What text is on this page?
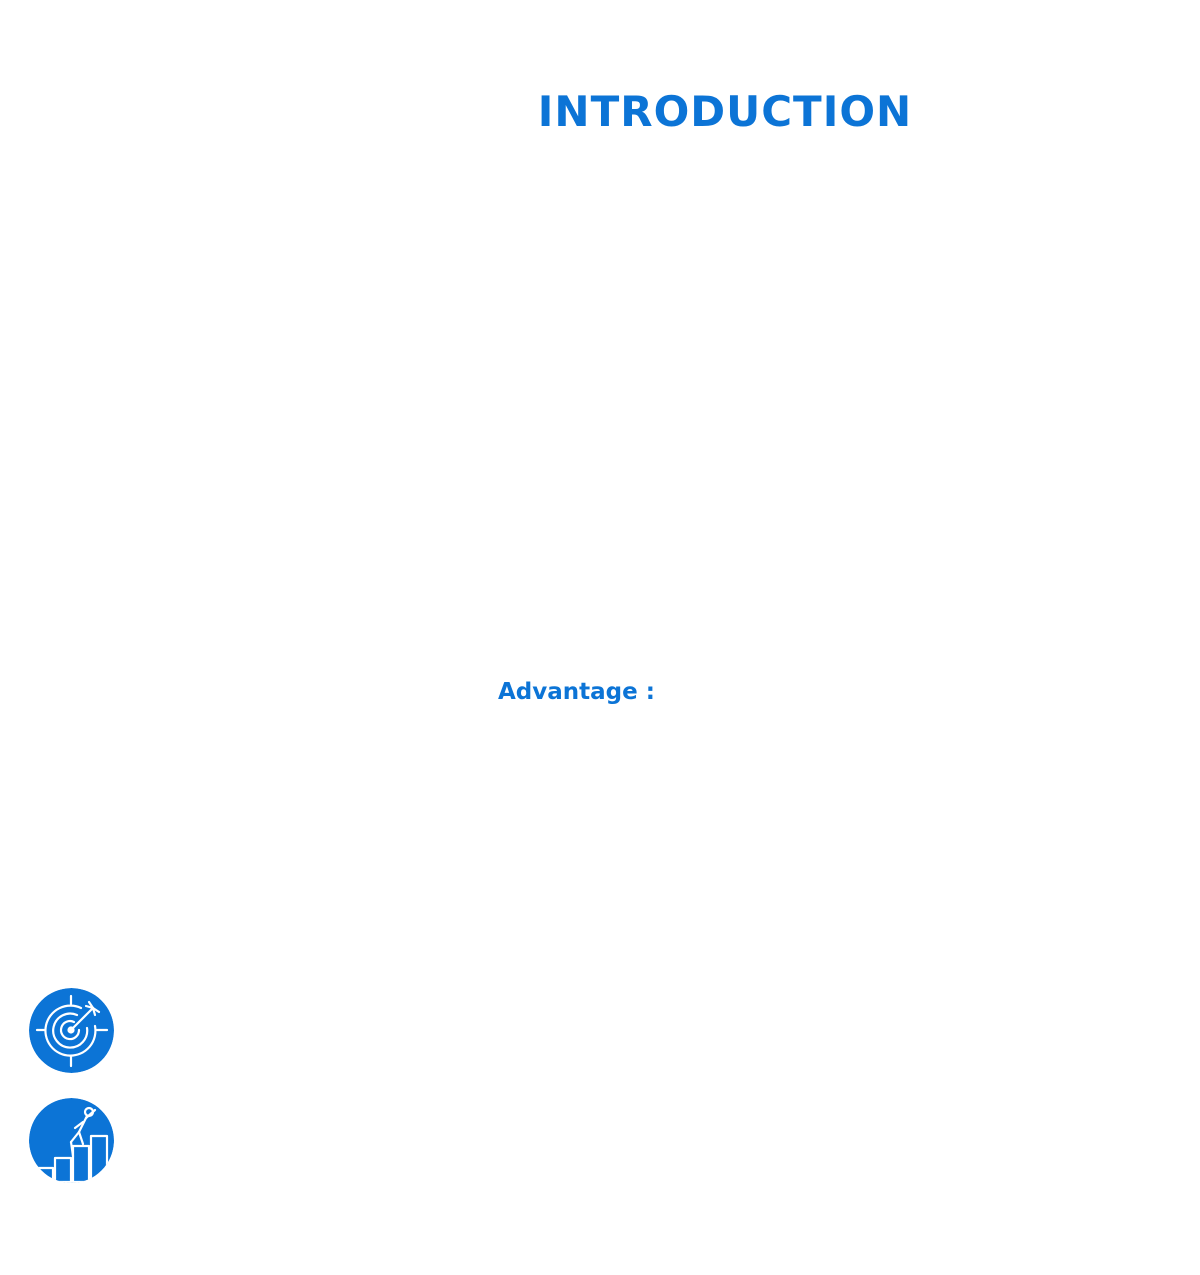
INTRODUCTION

Advantage :
